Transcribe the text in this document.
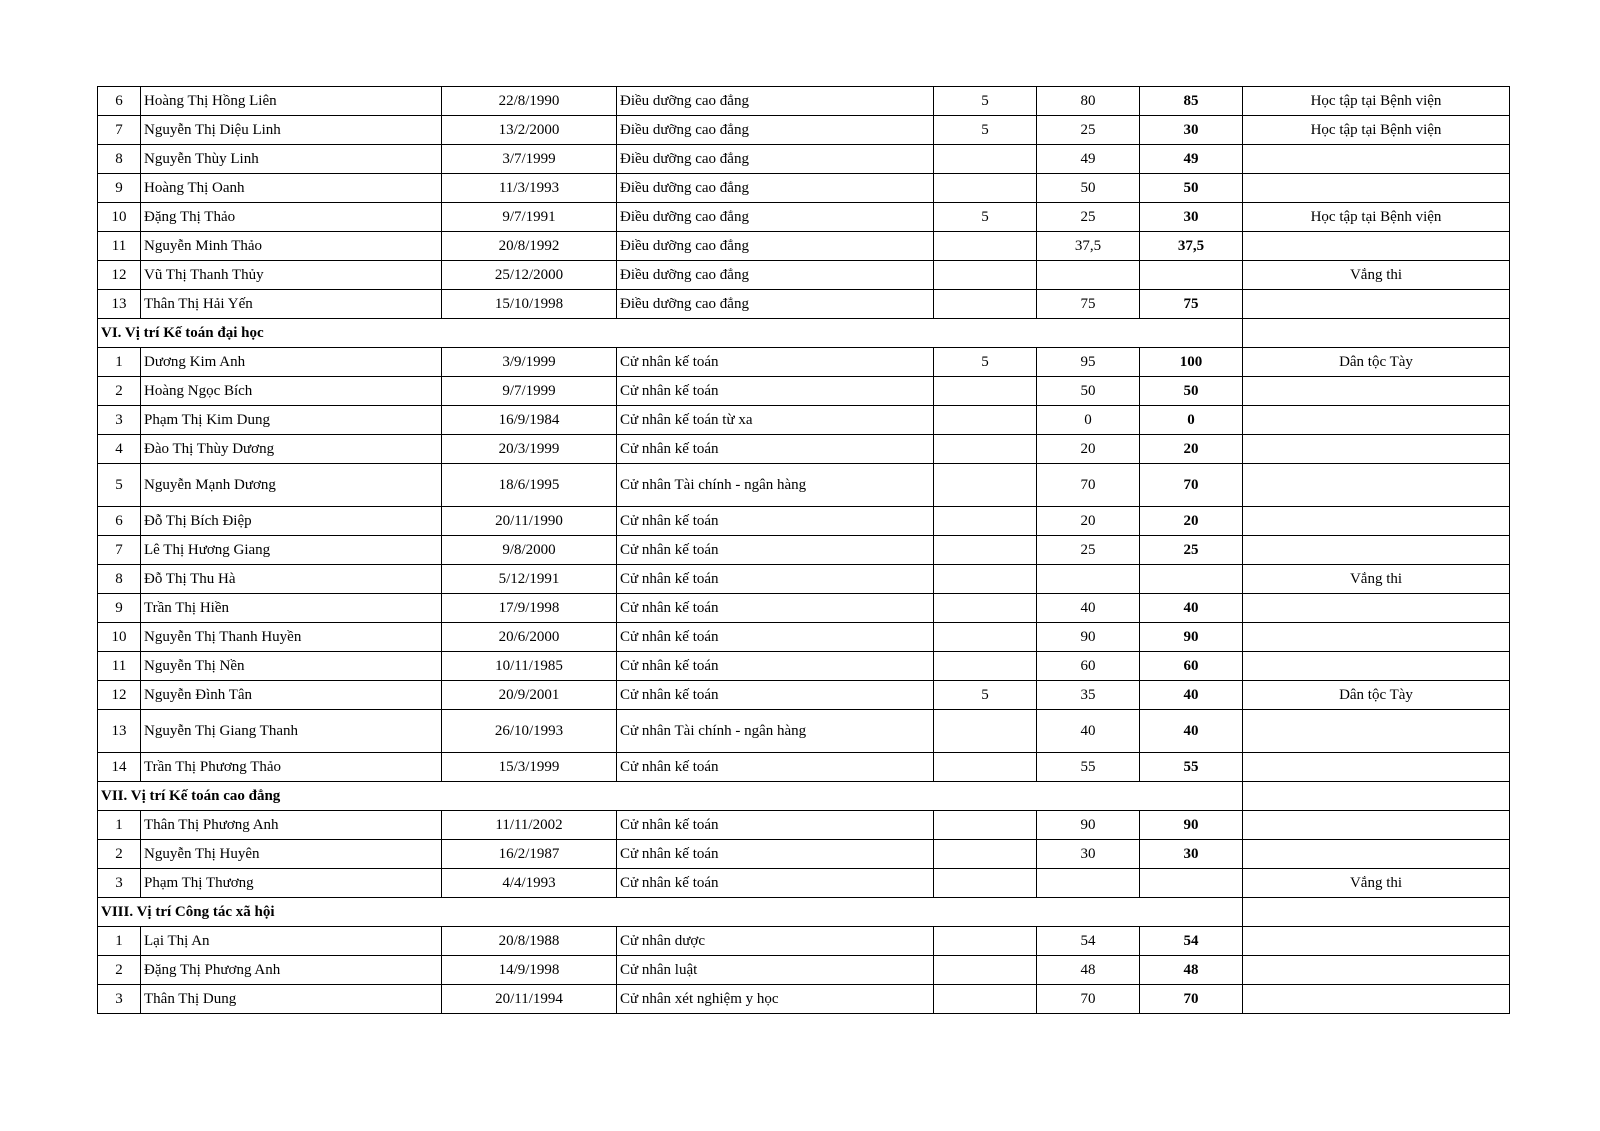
6	Hoàng Thị Hồng Liên	22/8/1990	Điều dưỡng cao đẳng	5	80	85	Học tập tại Bệnh viện
7	Nguyễn Thị Diệu Linh	13/2/2000	Điều dưỡng cao đẳng	5	25	30	Học tập tại Bệnh viện
8	Nguyễn Thùy Linh	3/7/1999	Điều dưỡng cao đẳng		49	49	
9	Hoàng Thị Oanh	11/3/1993	Điều dưỡng cao đẳng		50	50	
10	Đặng Thị Thảo	9/7/1991	Điều dưỡng cao đẳng	5	25	30	Học tập tại Bệnh viện
11	Nguyễn Minh Thảo	20/8/1992	Điều dưỡng cao đẳng		37,5	37,5	
12	Vũ Thị Thanh Thủy	25/12/2000	Điều dưỡng cao đẳng				Vắng thi
13	Thân Thị Hải Yến	15/10/1998	Điều dưỡng cao đẳng		75	75	
VI. Vị trí Kế toán đại học							
1	Dương Kim Anh	3/9/1999	Cử nhân kế toán	5	95	100	Dân tộc Tày
2	Hoàng Ngọc Bích	9/7/1999	Cử nhân kế toán		50	50	
3	Phạm Thị Kim Dung	16/9/1984	Cử nhân kế toán từ xa		0	0	
4	Đào Thị Thùy Dương	20/3/1999	Cử nhân kế toán		20	20	
5	Nguyễn Mạnh Dương	18/6/1995	Cử nhân Tài chính - ngân hàng		70	70	
6	Đỗ Thị Bích Điệp	20/11/1990	Cử nhân kế toán		20	20	
7	Lê Thị Hương Giang	9/8/2000	Cử nhân kế toán		25	25	
8	Đỗ Thị Thu Hà	5/12/1991	Cử nhân kế toán				Vắng thi
9	Trần Thị Hiền	17/9/1998	Cử nhân kế toán		40	40	
10	Nguyễn Thị Thanh Huyền	20/6/2000	Cử nhân kế toán		90	90	
11	Nguyễn Thị Nền	10/11/1985	Cử nhân kế toán		60	60	
12	Nguyễn Đình Tân	20/9/2001	Cử nhân kế toán	5	35	40	Dân tộc Tày
13	Nguyễn Thị Giang Thanh	26/10/1993	Cử nhân Tài chính - ngân hàng		40	40	
14	Trần Thị Phương Thảo	15/3/1999	Cử nhân kế toán		55	55	
VII. Vị trí Kế toán cao đẳng							
1	Thân Thị Phương Anh	11/11/2002	Cử nhân kế toán		90	90	
2	Nguyễn Thị Huyên	16/2/1987	Cử nhân kế toán		30	30	
3	Phạm Thị Thương	4/4/1993	Cử nhân kế toán				Vắng thi
VIII. Vị trí Công tác xã hội							
1	Lại Thị An	20/8/1988	Cử nhân dược		54	54	
2	Đặng Thị Phương Anh	14/9/1998	Cử nhân luật		48	48	
3	Thân Thị Dung	20/11/1994	Cử nhân xét nghiệm y học		70	70	
